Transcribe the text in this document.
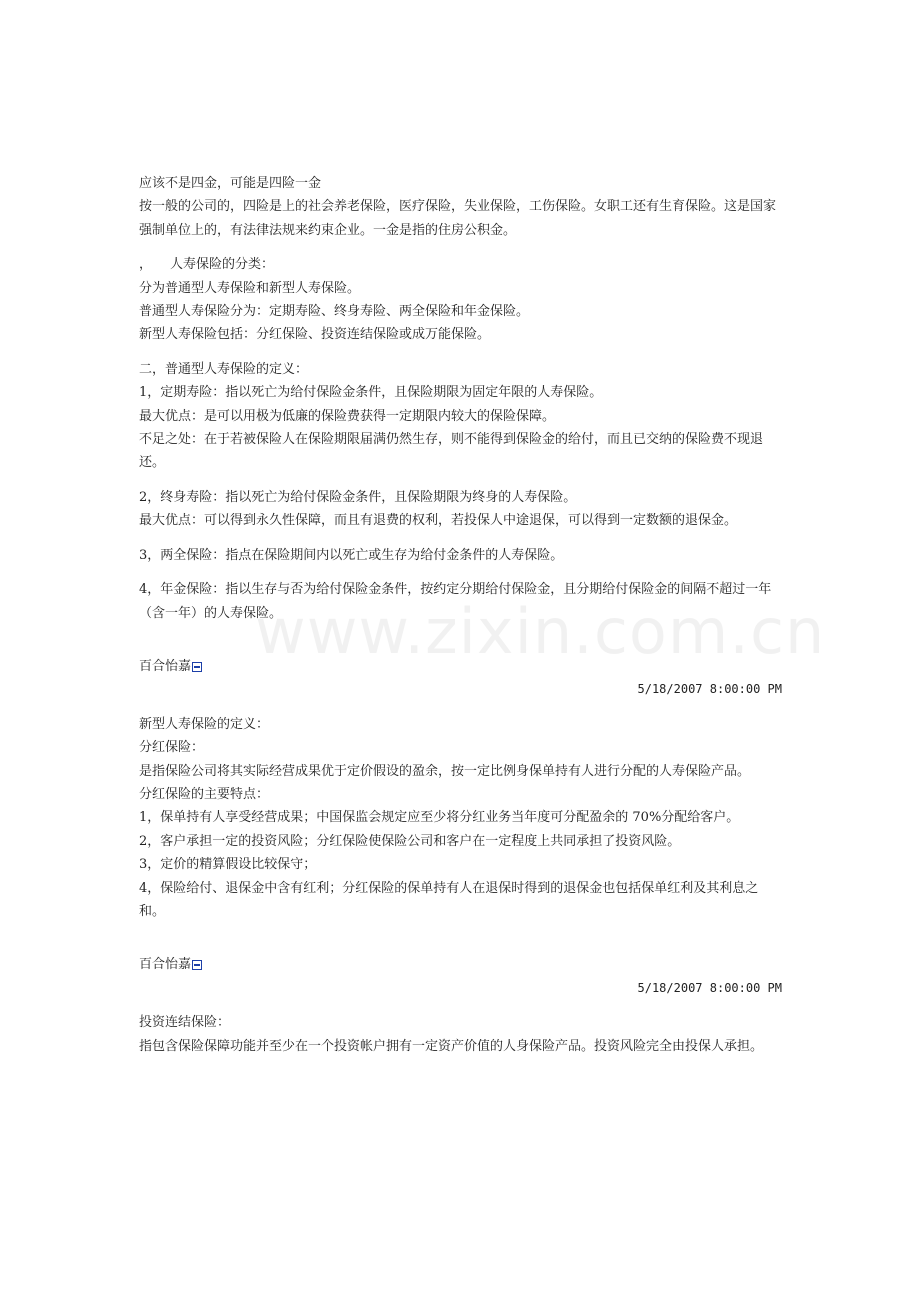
www.zixin.com.cn

应该不是四金，可能是四险一金

按一般的公司的，四险是上的社会养老保险，医疗保险，失业保险，工伤保险。女职工还有生育保险。这是国家强制单位上的，有法律法规来约束企业。一金是指的住房公积金。

， 人寿保险的分类：

分为普通型人寿保险和新型人寿保险。

普通型人寿保险分为：定期寿险、终身寿险、两全保险和年金保险。

新型人寿保险包括：分红保险、投资连结保险或成万能保险。

二，普通型人寿保险的定义：

1，定期寿险：指以死亡为给付保险金条件，且保险期限为固定年限的人寿保险。

最大优点：是可以用极为低廉的保险费获得一定期限内较大的保险保障。

不足之处：在于若被保险人在保险期限届满仍然生存，则不能得到保险金的给付，而且已交纳的保险费不现退还。

2，终身寿险：指以死亡为给付保险金条件，且保险期限为终身的人寿保险。

最大优点：可以得到永久性保障，而且有退费的权利，若投保人中途退保，可以得到一定数额的退保金。

3，两全保险：指点在保险期间内以死亡或生存为给付金条件的人寿保险。

4，年金保险：指以生存与否为给付保险金条件，按约定分期给付保险金，且分期给付保险金的间隔不超过一年（含一年）的人寿保险。

百合怡嘉

5/18/2007 8:00:00 PM

新型人寿保险的定义：

分红保险：

是指保险公司将其实际经营成果优于定价假设的盈余，按一定比例身保单持有人进行分配的人寿保险产品。

分红保险的主要特点：

1，保单持有人享受经营成果；中国保监会规定应至少将分红业务当年度可分配盈余的 70%分配给客户。

2，客户承担一定的投资风险；分红保险使保险公司和客户在一定程度上共同承担了投资风险。

3，定价的精算假设比较保守；

4，保险给付、退保金中含有红利；分红保险的保单持有人在退保时得到的退保金也包括保单红利及其利息之和。

百合怡嘉

5/18/2007 8:00:00 PM

投资连结保险：

指包含保险保障功能并至少在一个投资帐户拥有一定资产价值的人身保险产品。投资风险完全由投保人承担。
